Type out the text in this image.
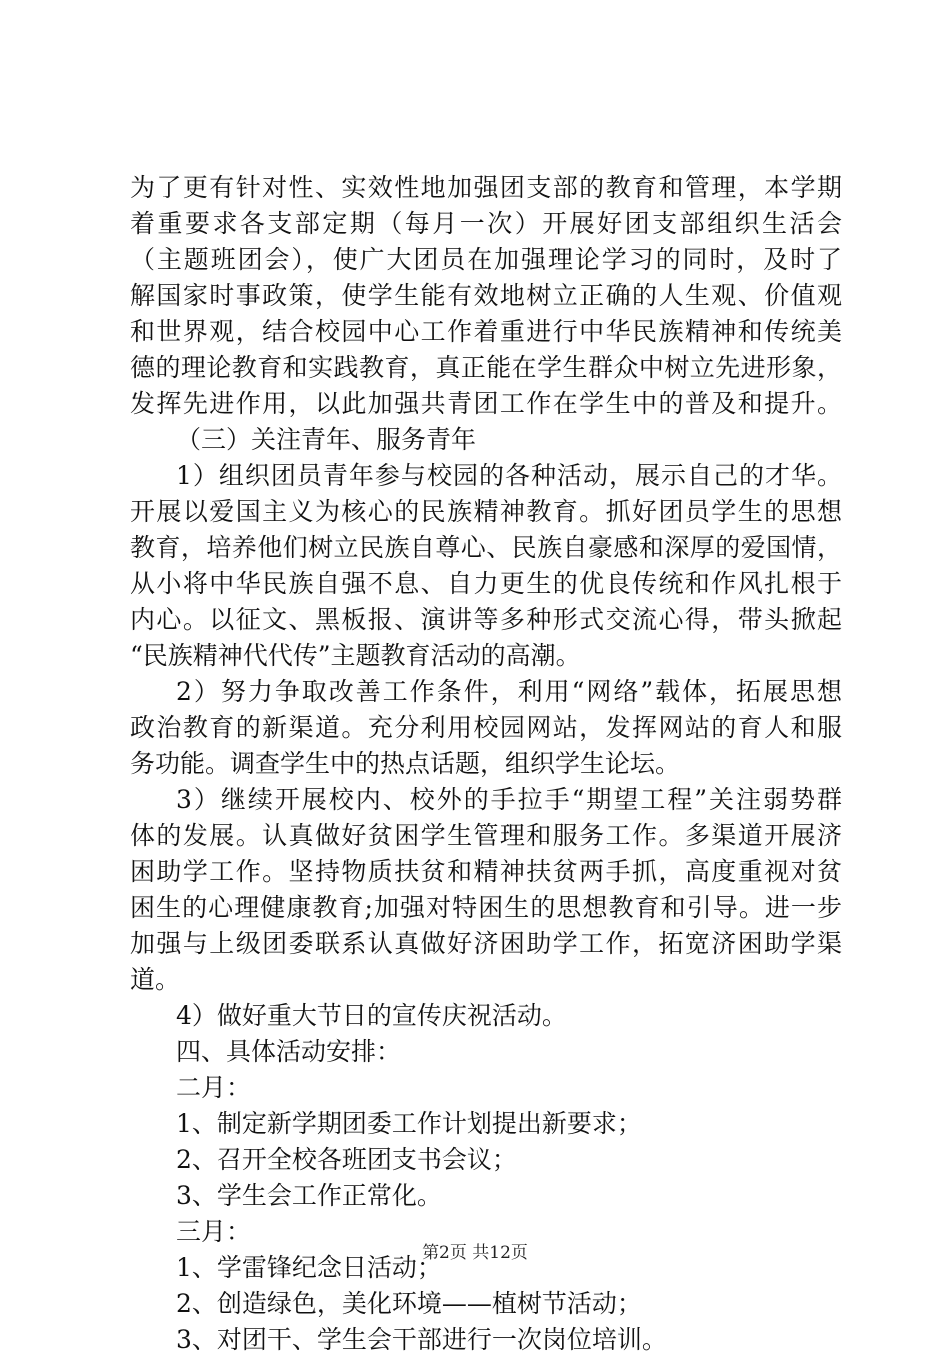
为了更有针对性、实效性地加强团支部的教育和管理，本学期
着重要求各支部定期（每月一次）开展好团支部组织生活会
（主题班团会），使广大团员在加强理论学习的同时，及时了
解国家时事政策，使学生能有效地树立正确的人生观、价值观
和世界观，结合校园中心工作着重进行中华民族精神和传统美
德的理论教育和实践教育，真正能在学生群众中树立先进形象，
发挥先进作用，以此加强共青团工作在学生中的普及和提升。
（三）关注青年、服务青年
1）组织团员青年参与校园的各种活动，展示自己的才华。
开展以爱国主义为核心的民族精神教育。抓好团员学生的思想
教育，培养他们树立民族自尊心、民族自豪感和深厚的爱国情，
从小将中华民族自强不息、自力更生的优良传统和作风扎根于
内心。以征文、黑板报、演讲等多种形式交流心得，带头掀起
“民族精神代代传”主题教育活动的高潮。
2）努力争取改善工作条件，利用“网络”载体，拓展思想
政治教育的新渠道。充分利用校园网站，发挥网站的育人和服
务功能。调查学生中的热点话题，组织学生论坛。
3）继续开展校内、校外的手拉手“期望工程”关注弱势群
体的发展。认真做好贫困学生管理和服务工作。多渠道开展济
困助学工作。坚持物质扶贫和精神扶贫两手抓，高度重视对贫
困生的心理健康教育;加强对特困生的思想教育和引导。进一步
加强与上级团委联系认真做好济困助学工作，拓宽济困助学渠
道。
4）做好重大节日的宣传庆祝活动。
四、具体活动安排：
二月：
1、制定新学期团委工作计划提出新要求；
2、召开全校各班团支书会议；
3、学生会工作正常化。
三月：
1、学雷锋纪念日活动；
2、创造绿色，美化环境——植树节活动；
3、对团干、学生会干部进行一次岗位培训。
第2页 共12页
